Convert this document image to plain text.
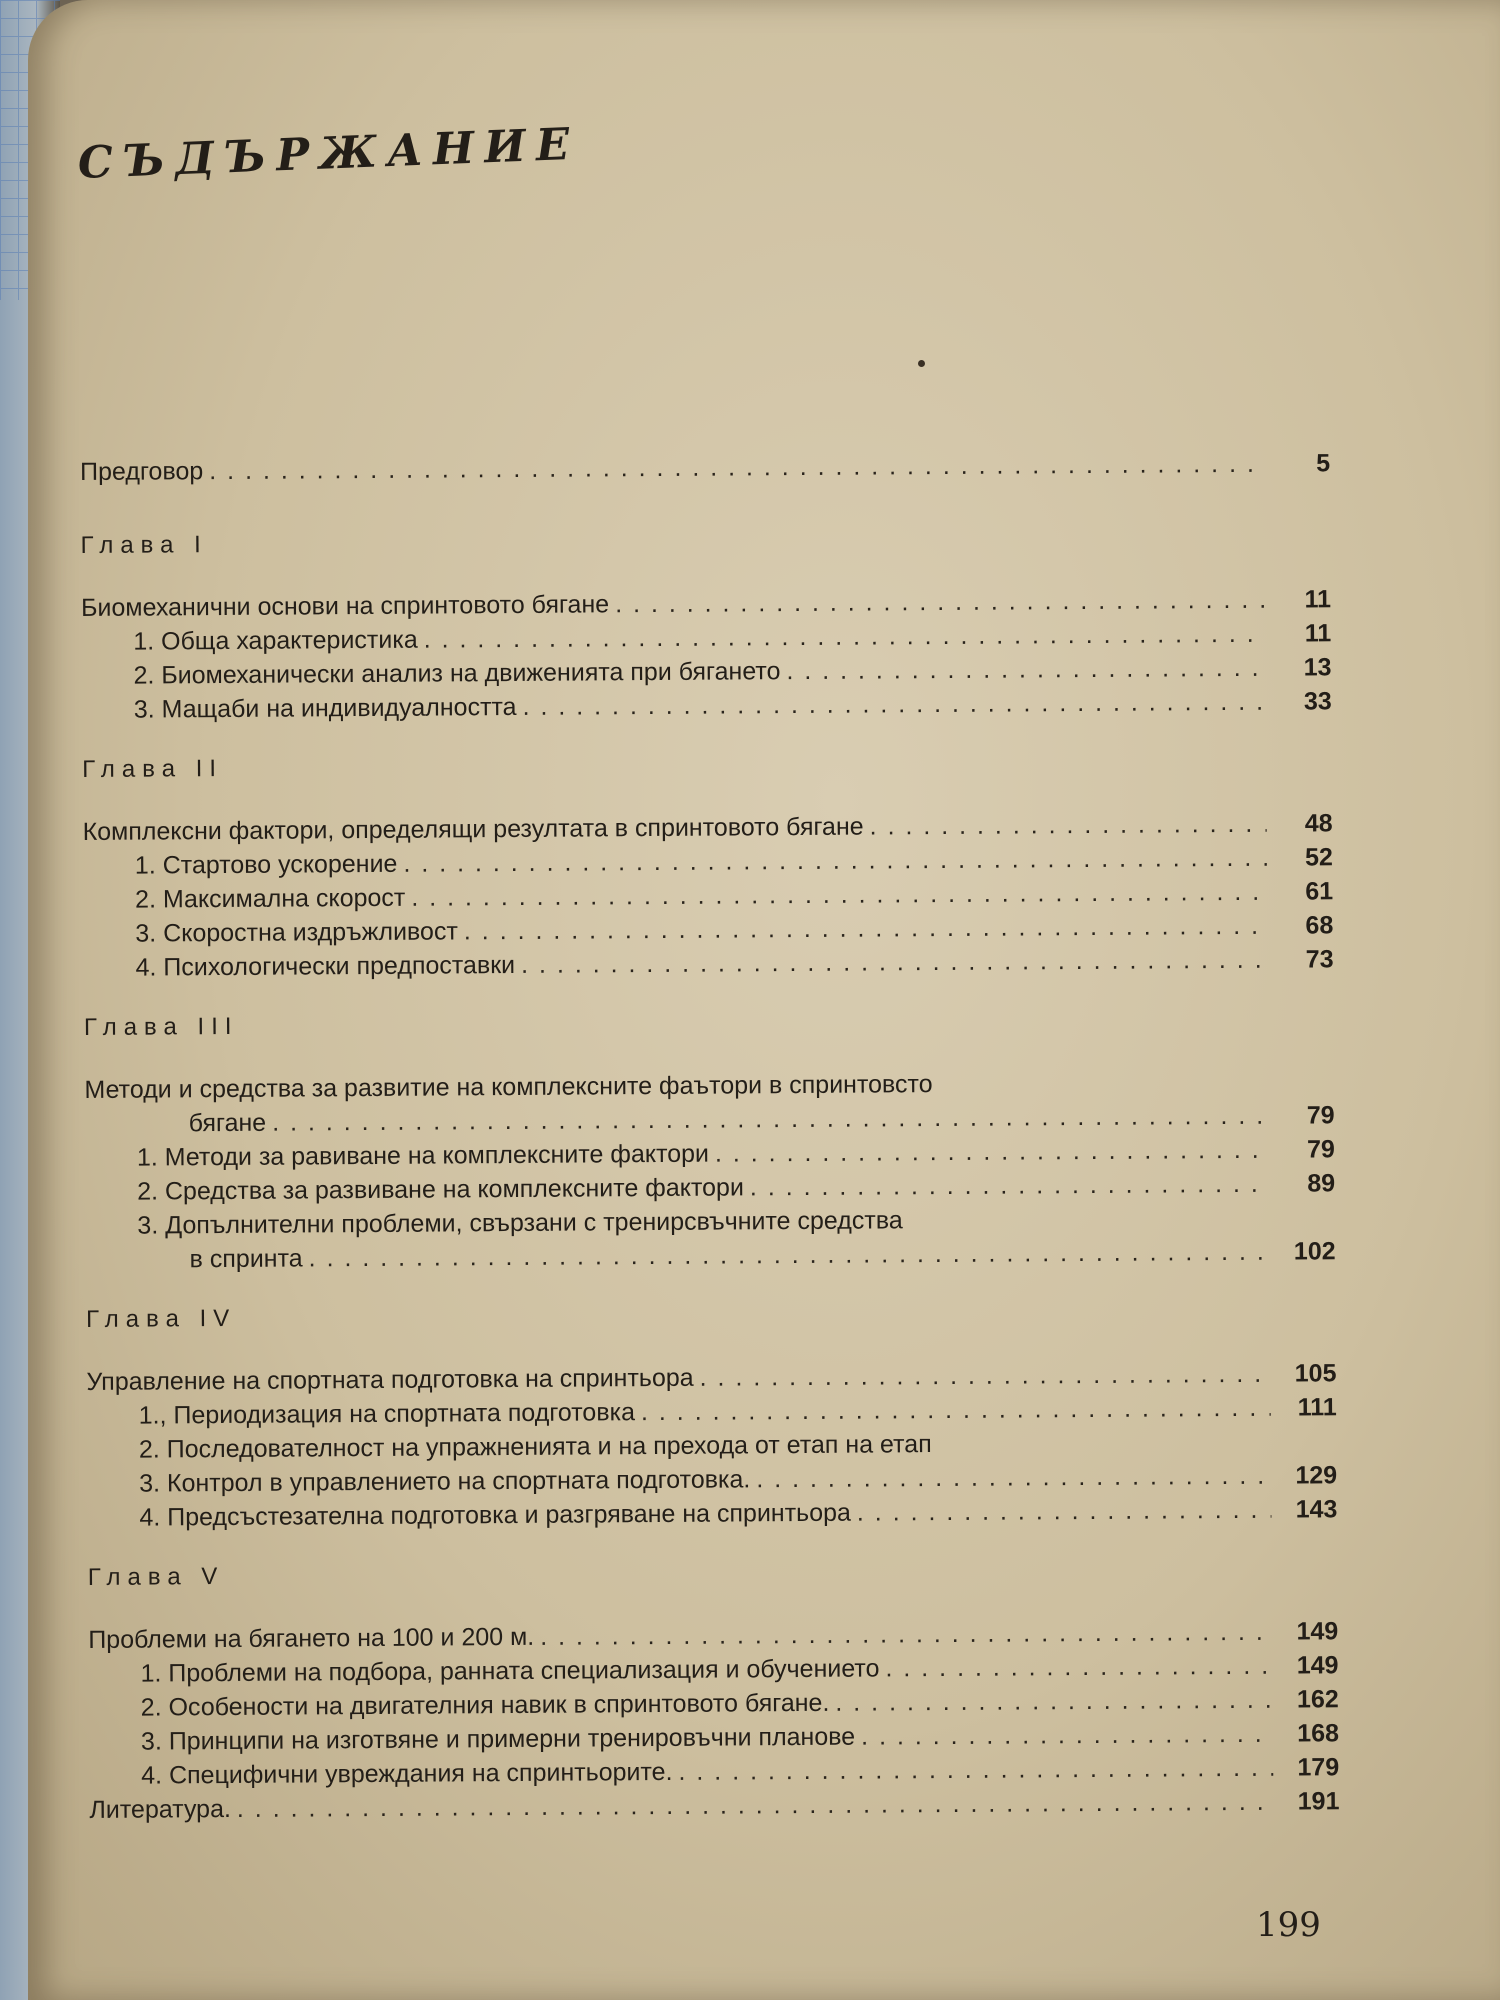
СЪДЪРЖАНИЕ
Предговор . . .	5
Глава I
Биомеханични основи на спринтовото бягане . . .	11
1. Обща характеристика . . .	11
2. Биомеханически анализ на движенията при бягането . . .	13
3. Мащаби на индивидуалността . . .	33
Глава II
Комплексни фактори, определящи резултата в спринтовото бягане . . .	48
1. Стартово ускорение . . .	52
2. Максимална скорост . . .	61
3. Скоростна издръжливост . . .	68
4. Психологически предпоставки . . .	73
Глава III
Методи и средства за развитие на комплексните фаътори в спринтовсто
бягане . . .	79
1. Методи за равиване на комплексните фактори . . .	79
2. Средства за развиване на комплексните фактори . . .	89
3. Допълнителни проблеми, свързани с тренирсвъчните средства
в спринта . . .	102
Глава IV
Управление на спортната подготовка на спринтьора . . .	105
1., Периодизация на спортната подготовка . . .	111
2. Последователност на упражненията и на прехода от етап на етап
3. Контрол в управлението на спортната подготовка. . . .	129
4. Предсъстезателна подготовка и разгряване на спринтьора . . .	143
Глава V
Проблеми на бягането на 100 и 200 м. . . .	149
1. Проблеми на подбора, ранната специализация и обучението . . .	149
2. Особености на двигателния навик в спринтовото бягане. . . .	162
3. Принципи на изготвяне и примерни тренировъчни планове . . .	168
4. Специфични увреждания на спринтьорите. . . .	179
Литература. . . .	191
199
